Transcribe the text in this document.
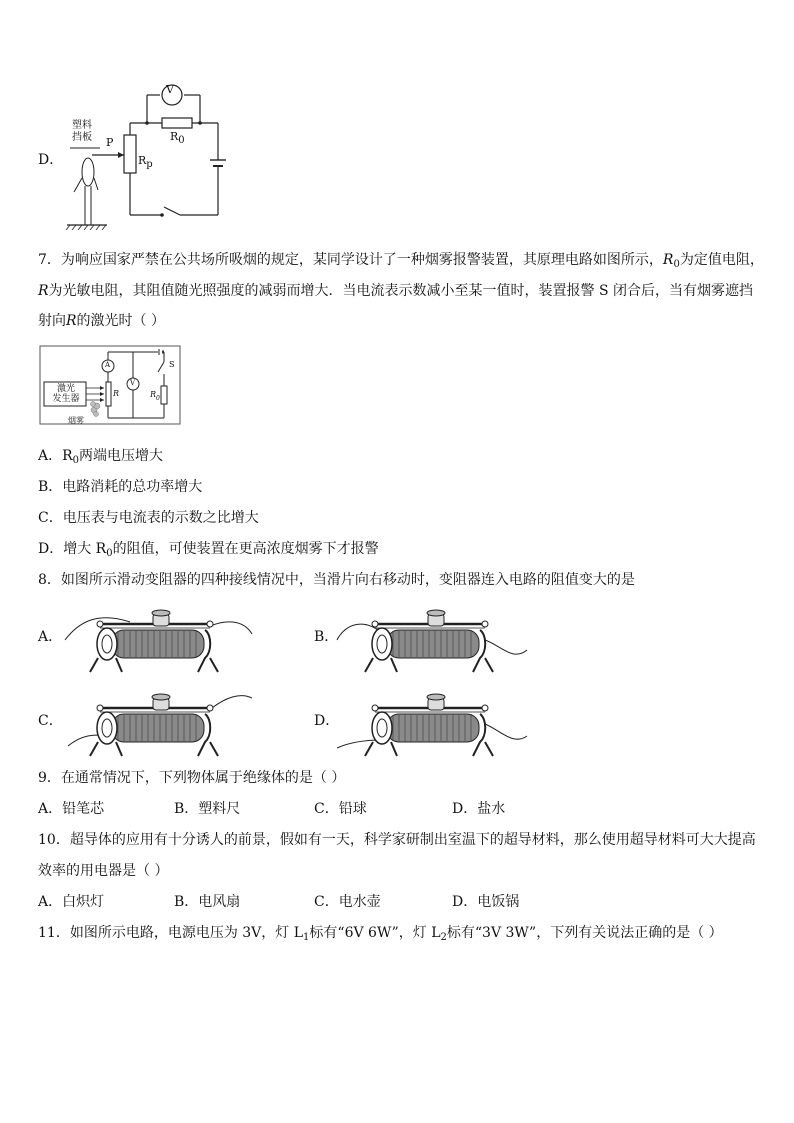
D．
V
$R_0$
$R_p$
P
塑料
挡板
7．为响应国家严禁在公共场所吸烟的规定，某同学设计了一种烟雾报警装置，其原理电路如图所示，$R_0$为定值电阻，
R为光敏电阻，其阻值随光照强度的减弱而增大．当电流表示数减小至某一值时，装置报警 S 闭合后，当有烟雾遮挡
射向R的激光时（ ）
激光
发生器
烟雾
R
A
V
$R_0$
S
A．$R_0$两端电压增大
B．电路消耗的总功率增大
C．电压表与电流表的示数之比增大
D．增大 $R_0$的阻值，可使装置在更高浓度烟雾下才报警
8．如图所示滑动变阻器的四种接线情况中，当滑片向右移动时，变阻器连入电路的阻值变大的是
A．	B．
C．	D．
9．在通常情况下，下列物体属于绝缘体的是（ ）
A．铅笔芯	B．塑料尺	C．铅球	D．盐水
10．超导体的应用有十分诱人的前景，假如有一天，科学家研制出室温下的超导材料，那么使用超导材料可大大提高
效率的用电器是（ ）
A．白炽灯	B．电风扇	C．电水壶	D．电饭锅
11．如图所示电路，电源电压为 3V，灯 $L_1$标有“6V 6W”，灯 $L_2$标有“3V 3W”，下列有关说法正确的是（ ）
